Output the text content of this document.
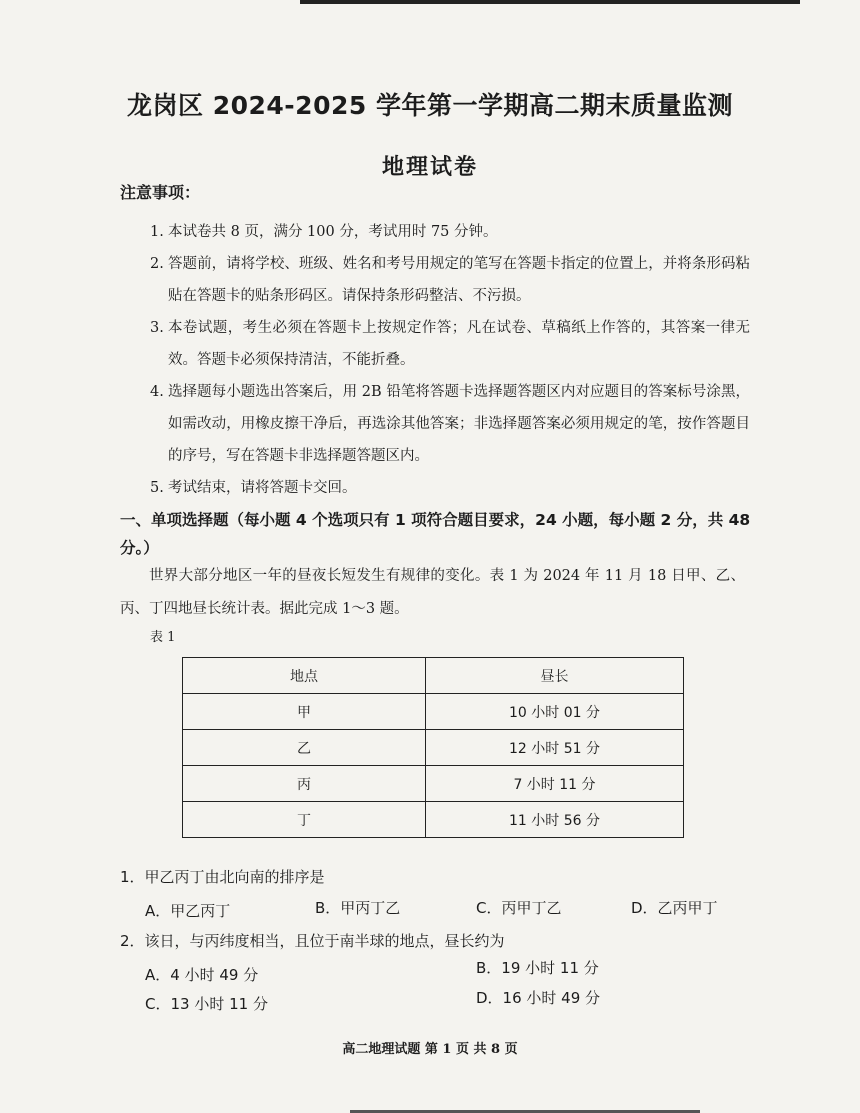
龙岗区 2024-2025 学年第一学期高二期末质量监测
地理试卷
注意事项：
1. 本试卷共 8 页，满分 100 分，考试用时 75 分钟。
2. 答题前，请将学校、班级、姓名和考号用规定的笔写在答题卡指定的位置上，并将条形码粘贴在答题卡的贴条形码区。请保持条形码整洁、不污损。
3. 本卷试题，考生必须在答题卡上按规定作答；凡在试卷、草稿纸上作答的，其答案一律无效。答题卡必须保持清洁，不能折叠。
4. 选择题每小题选出答案后，用 2B 铅笔将答题卡选择题答题区内对应题目的答案标号涂黑，如需改动，用橡皮擦干净后，再选涂其他答案；非选择题答案必须用规定的笔，按作答题目的序号，写在答题卡非选择题答题区内。
5. 考试结束，请将答题卡交回。
一、单项选择题（每小题 4 个选项只有 1 项符合题目要求，24 小题，每小题 2 分，共 48 分。）
世界大部分地区一年的昼夜长短发生有规律的变化。表 1 为 2024 年 11 月 18 日甲、乙、丙、丁四地昼长统计表。据此完成 1～3 题。
表 1
地点	昼长
甲	10 小时 01 分
乙	12 小时 51 分
丙	7 小时 11 分
丁	11 小时 56 分
1．甲乙丙丁由北向南的排序是
A．甲乙丙丁	B．甲丙丁乙	C．丙甲丁乙	D．乙丙甲丁
2．该日，与丙纬度相当，且位于南半球的地点，昼长约为
A．4 小时 49 分	B．19 小时 11 分
C．13 小时 11 分	D．16 小时 49 分
高二地理试题 第 1 页 共 8 页
